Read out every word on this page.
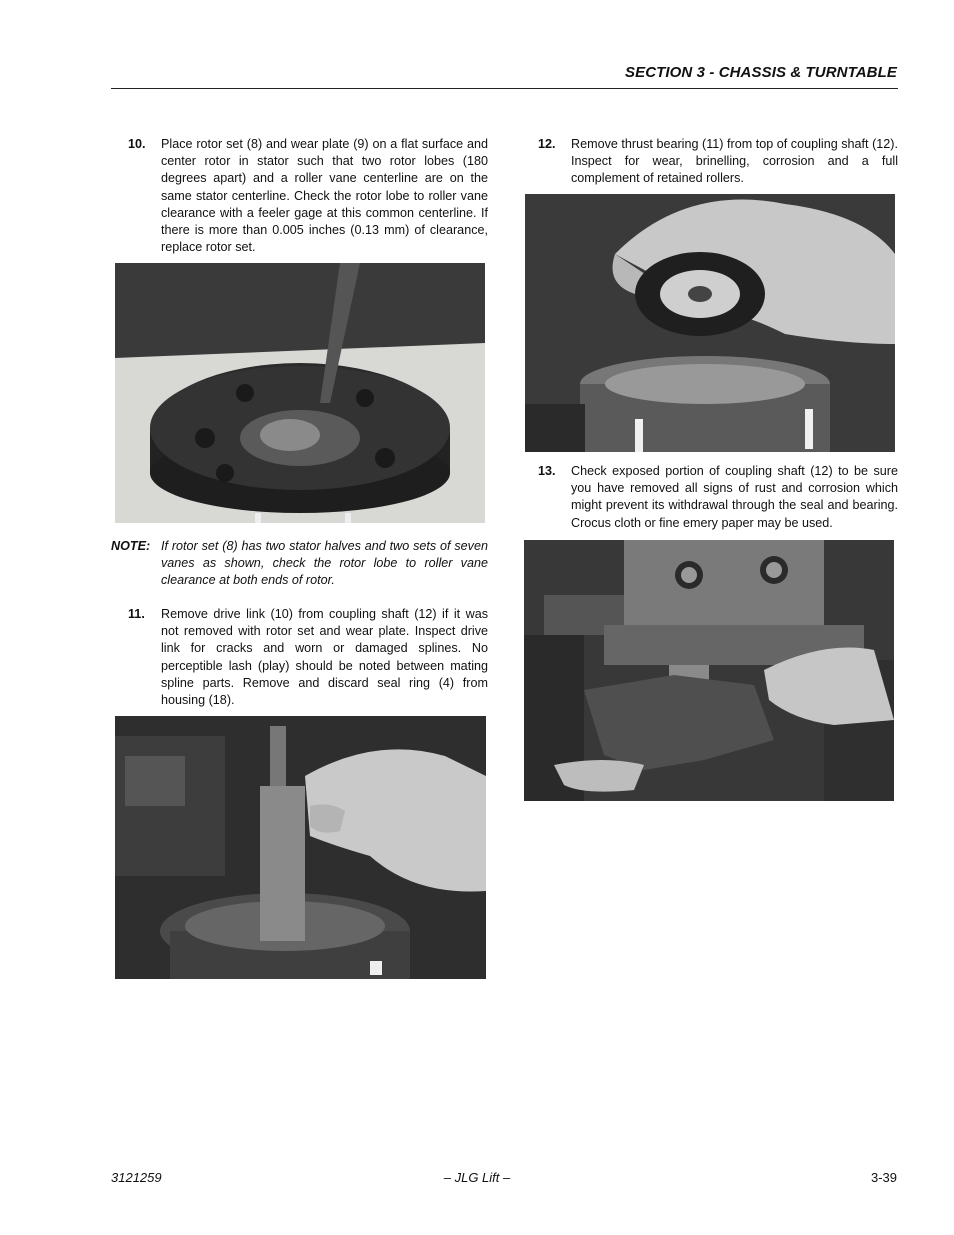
SECTION 3 - CHASSIS & TURNTABLE
10. Place rotor set (8) and wear plate (9) on a flat surface and center rotor in stator such that two rotor lobes (180 degrees apart) and a roller vane centerline are on the same stator centerline. Check the rotor lobe to roller vane clearance with a feeler gage at this common centerline. If there is more than 0.005 inches (0.13 mm) of clearance, replace rotor set.
NOTE: If rotor set (8) has two stator halves and two sets of seven vanes as shown, check the rotor lobe to roller vane clearance at both ends of rotor.
11. Remove drive link (10) from coupling shaft (12) if it was not removed with rotor set and wear plate. Inspect drive link for cracks and worn or damaged splines. No perceptible lash (play) should be noted between mating spline parts. Remove and discard seal ring (4) from housing (18).
12. Remove thrust bearing (11) from top of coupling shaft (12). Inspect for wear, brinelling, corrosion and a full complement of retained rollers.
13. Check exposed portion of coupling shaft (12) to be sure you have removed all signs of rust and corrosion which might prevent its withdrawal through the seal and bearing. Crocus cloth or fine emery paper may be used.
3121259	– JLG Lift –	3-39
